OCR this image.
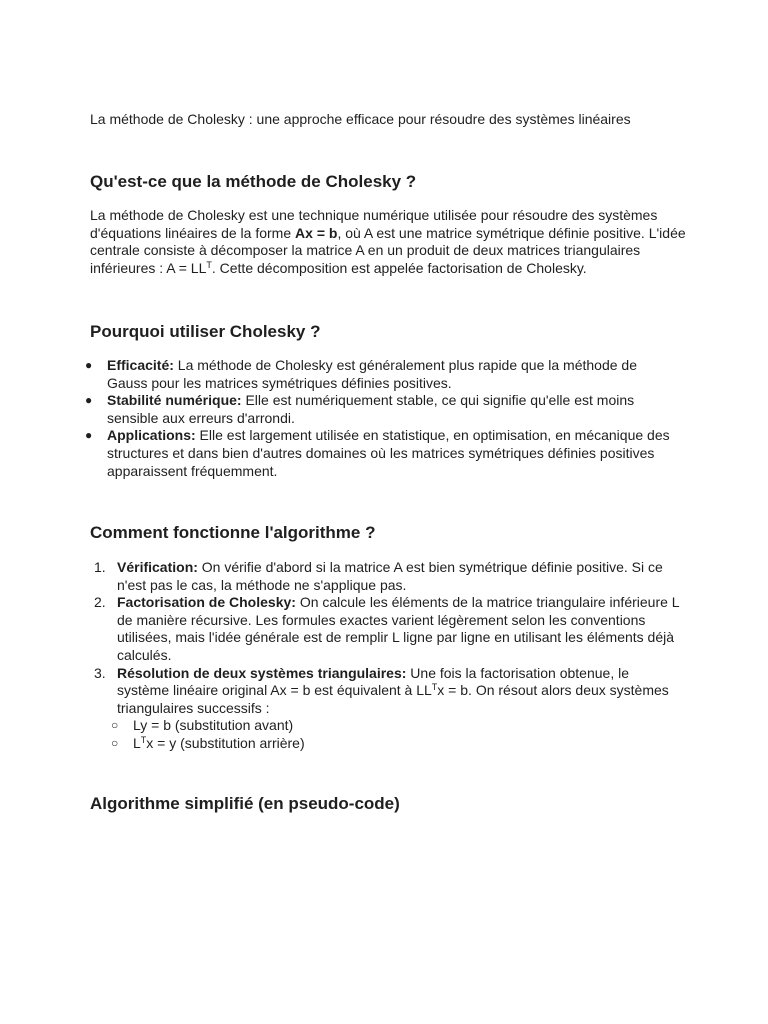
La méthode de Cholesky : une approche efficace pour résoudre des systèmes linéaires
Qu'est-ce que la méthode de Cholesky ?

La méthode de Cholesky est une technique numérique utilisée pour résoudre des systèmes d'équations linéaires de la forme Ax = b, où A est une matrice symétrique définie positive. L'idée centrale consiste à décomposer la matrice A en un produit de deux matrices triangulaires inférieures : $A = LL^T$. Cette décomposition est appelée factorisation de Cholesky.

Pourquoi utiliser Cholesky ?
● Efficacité: La méthode de Cholesky est généralement plus rapide que la méthode de Gauss pour les matrices symétriques définies positives.
● Stabilité numérique: Elle est numériquement stable, ce qui signifie qu'elle est moins sensible aux erreurs d'arrondi.
● Applications: Elle est largement utilisée en statistique, en optimisation, en mécanique des structures et dans bien d'autres domaines où les matrices symétriques définies positives apparaissent fréquemment.
Comment fonctionne l'algorithme ?
1. Vérification: On vérifie d'abord si la matrice A est bien symétrique définie positive. Si ce n'est pas le cas, la méthode ne s'applique pas.
2. Factorisation de Cholesky: On calcule les éléments de la matrice triangulaire inférieure L de manière récursive. Les formules exactes varient légèrement selon les conventions utilisées, mais l'idée générale est de remplir L ligne par ligne en utilisant les éléments déjà calculés.
3. Résolution de deux systèmes triangulaires: Une fois la factorisation obtenue, le système linéaire original Ax = b est équivalent à $LL^Tx = b$. On résout alors deux systèmes triangulaires successifs :
○ Ly = b (substitution avant)
○ $L^Tx = y$ (substitution arrière)
Algorithme simplifié (en pseudo-code)
